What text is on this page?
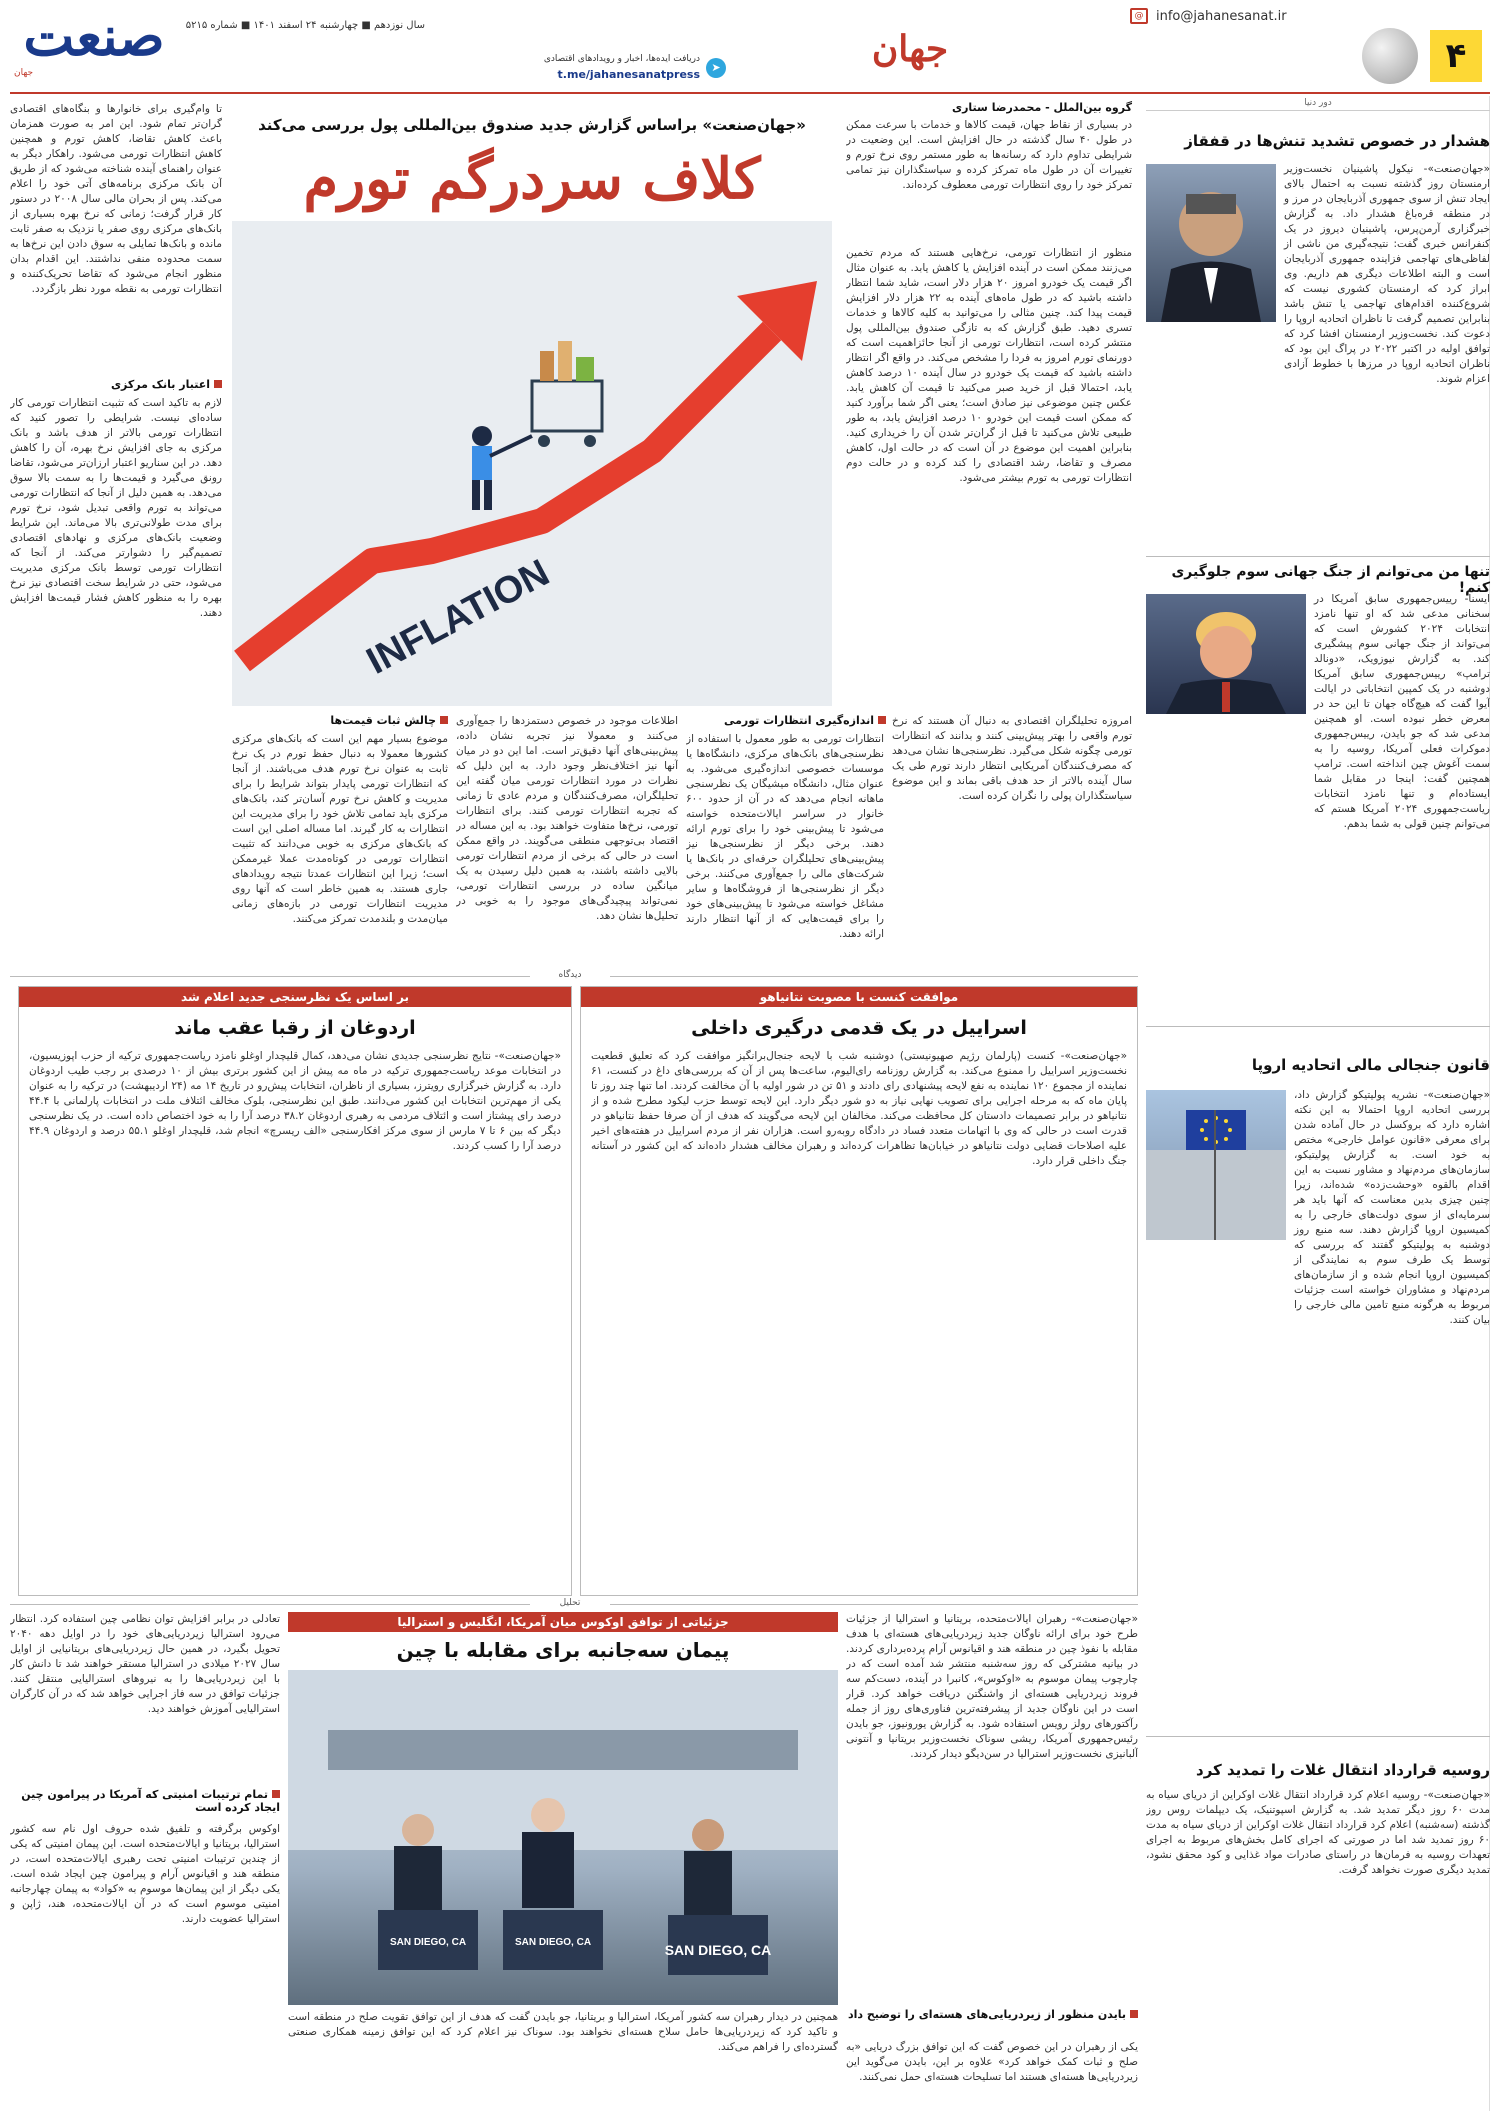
صنعت
جهان
سال نوزدهم ■ چهارشنبه ۲۴ اسفند ۱۴۰۱ ■ شماره ۵۲۱۵
دریافت ایده‌ها، اخبار و رویدادهای اقتصادی
t.me/jahanesanatpress
➤	جهان
@ info@jahanesanat.ir
۴
«جهان‌صنعت» براساس گزارش جدید صندوق بین‌المللی پول بررسی می‌کند
کلاف سردرگم تورم
INFLATION
گروه بین‌الملل - محمدرضا ستاری
در بسیاری از نقاط جهان، قیمت کالاها و خدمات با سرعت ممکن در طول ۴۰ سال گذشته در حال افزایش است. این وضعیت در شرایطی تداوم دارد که رسانه‌ها به طور مستمر روی نرخ تورم و تغییرات آن در طول ماه تمرکز کرده و سیاستگذاران نیز تمامی تمرکز خود را روی انتظارات تورمی معطوف کرده‌اند.
منظور از انتظارات تورمی، نرخ‌هایی هستند که مردم تخمین می‌زنند ممکن است در آینده افزایش یا کاهش یابد. به عنوان مثال اگر قیمت یک خودرو امروز ۲۰ هزار دلار است، شاید شما انتظار داشته باشید که در طول ماه‌های آینده به ۲۲ هزار دلار افزایش قیمت پیدا کند. چنین مثالی را می‌توانید به کلیه کالاها و خدمات تسری دهید. طبق گزارش که به تازگی صندوق بین‌المللی پول منتشر کرده است، انتظارات تورمی از آنجا حائزاهمیت است که دورنمای تورم امروز به فردا را مشخص می‌کند. در واقع اگر انتظار داشته باشید که قیمت یک خودرو در سال آینده ۱۰ درصد کاهش یابد، احتمالا قبل از خرید صبر می‌کنید تا قیمت آن کاهش یابد. عکس چنین موضوعی نیز صادق است؛ یعنی اگر شما برآورد کنید که ممکن است قیمت این خودرو ۱۰ درصد افزایش یابد، به طور طبیعی تلاش می‌کنید تا قبل از گران‌تر شدن آن را خریداری کنید. بنابراین اهمیت این موضوع در آن است که در حالت اول، کاهش مصرف و تقاضا، رشد اقتصادی را کند کرده و در حالت دوم انتظارات تورمی به تورم بیشتر می‌شود.
تا وام‌گیری برای خانوارها و بنگاه‌های اقتصادی گران‌تر تمام شود. این امر به صورت همزمان باعث کاهش تقاضا، کاهش تورم و همچنین کاهش انتظارات تورمی می‌شود. راهکار دیگر به عنوان راهنمای آینده شناخته می‌شود که از طریق آن بانک مرکزی برنامه‌های آتی خود را اعلام می‌کند. پس از بحران مالی سال ۲۰۰۸ در دستور کار قرار گرفت؛ زمانی که نرخ بهره بسیاری از بانک‌های مرکزی روی صفر یا نزدیک به صفر ثابت مانده و بانک‌ها تمایلی به سوق دادن این نرخ‌ها به سمت محدوده منفی نداشتند. این اقدام بدان منظور انجام می‌شود که تقاضا تحریک‌کننده و انتظارات تورمی به نقطه مورد نظر بازگردد.
اعتبار بانک مرکزی
لازم به تاکید است که تثبیت انتظارات تورمی کار ساده‌ای نیست. شرایطی را تصور کنید که انتظارات تورمی بالاتر از هدف باشد و بانک مرکزی به جای افزایش نرخ بهره، آن را کاهش دهد. در این سناریو اعتبار ارزان‌تر می‌شود، تقاضا رونق می‌گیرد و قیمت‌ها را به سمت بالا سوق می‌دهد. به همین دلیل از آنجا که انتظارات تورمی می‌تواند به تورم واقعی تبدیل شود، نرخ تورم برای مدت طولانی‌تری بالا می‌ماند. این شرایط وضعیت بانک‌های مرکزی و نهادهای اقتصادی تصمیم‌گیر را دشوارتر می‌کند. از آنجا که انتظارات تورمی توسط بانک مرکزی مدیریت می‌شود، حتی در شرایط سخت اقتصادی نیز نرخ بهره را به منظور کاهش فشار قیمت‌ها افزایش دهند.
اندازه‌گیری انتظارات تورمی
انتظارات تورمی به طور معمول با استفاده از نظرسنجی‌های بانک‌های مرکزی، دانشگاه‌ها یا موسسات خصوصی اندازه‌گیری می‌شود. به عنوان مثال، دانشگاه میشیگان یک نظرسنجی ماهانه انجام می‌دهد که در آن از حدود ۶۰۰ خانوار در سراسر ایالات‌متحده خواسته می‌شود تا پیش‌بینی خود را برای تورم ارائه دهند. برخی دیگر از نظرسنجی‌ها نیز پیش‌بینی‌های تحلیلگران حرفه‌ای در بانک‌ها یا شرکت‌های مالی را جمع‌آوری می‌کنند. برخی دیگر از نظرسنجی‌ها از فروشگاه‌ها و سایر مشاغل خواسته می‌شود تا پیش‌بینی‌های خود را برای قیمت‌هایی که از آنها انتظار دارند ارائه دهند.
امروزه تحلیلگران اقتصادی به دنبال آن هستند که نرخ تورم واقعی را بهتر پیش‌بینی کنند و بدانند که انتظارات تورمی چگونه شکل می‌گیرد. نظرسنجی‌ها نشان می‌دهد که مصرف‌کنندگان آمریکایی انتظار دارند تورم طی یک سال آینده بالاتر از حد هدف باقی بماند و این موضوع سیاستگذاران پولی را نگران کرده است.
اطلاعات موجود در خصوص دستمزدها را جمع‌آوری می‌کنند و معمولا نیز تجربه نشان داده، پیش‌بینی‌های آنها دقیق‌تر است. اما این دو در میان آنها نیز اختلاف‌نظر وجود دارد. به این دلیل که نظرات در مورد انتظارات تورمی میان گفته این تحلیلگران، مصرف‌کنندگان و مردم عادی تا زمانی که تجربه انتظارات تورمی کنند. برای انتظارات تورمی، نرخ‌ها متفاوت خواهند بود. به این مساله در اقتصاد بی‌توجهی منطقی می‌گویند. در واقع ممکن است در حالی که برخی از مردم انتظارات تورمی بالایی داشته باشند، به همین دلیل رسیدن به یک میانگین ساده در بررسی انتظارات تورمی، نمی‌تواند پیچیدگی‌های موجود را به خوبی در تحلیل‌ها نشان دهد.
چالش ثبات قیمت‌ها
موضوع بسیار مهم این است که بانک‌های مرکزی کشورها معمولا به دنبال حفظ تورم در یک نرخ ثابت به عنوان نرخ تورم هدف می‌باشند. از آنجا که انتظارات تورمی پایدار بتواند شرایط را برای مدیریت و کاهش نرخ تورم آسان‌تر کند، بانک‌های مرکزی باید تمامی تلاش خود را برای مدیریت این انتظارات به کار گیرند. اما مساله اصلی این است که بانک‌های مرکزی به خوبی می‌دانند که تثبیت انتظارات تورمی در کوتاه‌مدت عملا غیرممکن است؛ زیرا این انتظارات عمدتا نتیجه رویدادهای جاری هستند. به همین خاطر است که آنها روی مدیریت انتظارات تورمی در بازه‌های زمانی میان‌مدت و بلندمدت تمرکز می‌کنند.
دور دنیا
هشدار در خصوص تشدید تنش‌ها در قفقاز
«جهان‌صنعت»- نیکول پاشینیان نخست‌وزیر ارمنستان روز گذشته نسبت به احتمال بالای ایجاد تنش از سوی جمهوری آذربایجان در مرز و در منطقه قره‌باغ هشدار داد. به گزارش خبرگزاری آرمن‌پرس، پاشینیان دیروز در یک کنفرانس خبری گفت: نتیجه‌گیری من ناشی از لفاظی‌های تهاجمی فزاینده جمهوری آذربایجان است و البته اطلاعات دیگری هم داریم. وی ابراز کرد که ارمنستان کشوری نیست که شروع‌کننده اقدام‌های تهاجمی یا تنش باشد بنابراین تصمیم گرفت تا ناظران اتحادیه اروپا را دعوت کند. نخست‌وزیر ارمنستان افشا کرد که توافق اولیه در اکتبر ۲۰۲۲ در پراگ این بود که ناظران اتحادیه اروپا در مرزها با خطوط آزادی اعزام شوند.
تنها من می‌توانم از جنگ جهانی سوم جلوگیری کنم!
ایسنا- رییس‌جمهوری سابق آمریکا در سخنانی مدعی شد که او تنها نامزد انتخابات ۲۰۲۴ کشورش است که می‌تواند از جنگ جهانی سوم پیشگیری کند. به گزارش نیوزویک، «دونالد ترامپ» رییس‌جمهوری سابق آمریکا دوشنبه در یک کمپین انتخاباتی در ایالت آیوا گفت که هیچ‌گاه جهان تا این حد در معرض خطر نبوده است. او همچنین مدعی شد که جو بایدن، رییس‌جمهوری دموکرات فعلی آمریکا، روسیه را به سمت آغوش چین انداخته است. ترامپ همچنین گفت: اینجا در مقابل شما ایستاده‌ام و تنها نامزد انتخابات ریاست‌جمهوری ۲۰۲۴ آمریکا هستم که می‌توانم چنین قولی به شما بدهم.
قانون جنجالی مالی اتحادیه اروپا
«جهان‌صنعت»- نشریه پولیتیکو گزارش داد، بررسی اتحادیه اروپا احتمالا به این نکته اشاره دارد که بروکسل در حال آماده شدن برای معرفی «قانون عوامل خارجی» مختص به خود است. به گزارش پولیتیکو، سازمان‌های مردم‌نهاد و مشاور نسبت به این اقدام بالقوه «وحشت‌زده» شده‌اند، زیرا چنین چیزی بدین معناست که آنها باید هر سرمایه‌ای از سوی دولت‌های خارجی را به کمیسیون اروپا گزارش دهند. سه منبع روز دوشنبه به پولیتیکو گفتند که بررسی که توسط یک طرف سوم به نمایندگی از کمیسیون اروپا انجام شده و از سازمان‌های مردم‌نهاد و مشاوران خواسته است جزئیات مربوط به هرگونه منبع تامین مالی خارجی را بیان کنند.
روسیه قرارداد انتقال غلات را تمدید کرد
«جهان‌صنعت»- روسیه اعلام کرد قرارداد انتقال غلات اوکراین از دریای سیاه به مدت ۶۰ روز دیگر تمدید شد. به گزارش اسپوتنیک، یک دیپلمات روس روز گذشته (سه‌شنبه) اعلام کرد قرارداد انتقال غلات اوکراین از دریای سیاه به مدت ۶۰ روز تمدید شد اما در صورتی که اجرای کامل بخش‌های مربوط به اجرای تعهدات روسیه به فرمان‌ها در راستای صادرات مواد غذایی و کود محقق نشود، تمدید دیگری صورت نخواهد گرفت.
دیدگاه
موافقت کنست با مصوبت نتانیاهو
اسراییل در یک قدمی درگیری داخلی
«جهان‌صنعت»- کنست (پارلمان رژیم صهیونیستی) دوشنبه شب با لایحه جنجال‌برانگیز موافقت کرد که تعلیق قطعیت نخست‌وزیر اسراییل را ممنوع می‌کند. به گزارش روزنامه رای‌الیوم، ساعت‌ها پس از آن که بررسی‌های داغ در کنست، ۶۱ نماینده از مجموع ۱۲۰ نماینده به نفع لایحه پیشنهادی رای دادند و ۵۱ تن در شور اولیه با آن مخالفت کردند. اما تنها چند روز تا پایان ماه که به مرحله اجرایی برای تصویب نهایی نیاز به دو شور دیگر دارد. این لایحه توسط حزب لیکود مطرح شده و از نتانیاهو در برابر تصمیمات دادستان کل محافظت می‌کند. مخالفان این لایحه می‌گویند که هدف از آن صرفا حفظ نتانیاهو در قدرت است در حالی که وی با اتهامات متعدد فساد در دادگاه روبه‌رو است. هزاران نفر از مردم اسراییل در هفته‌های اخیر علیه اصلاحات قضایی دولت نتانیاهو در خیابان‌ها تظاهرات کرده‌اند و رهبران مخالف هشدار داده‌اند که این کشور در آستانه جنگ داخلی قرار دارد.
بر اساس یک نظرسنجی جدید اعلام شد
اردوغان از رقبا عقب ماند
«جهان‌صنعت»- نتایج نظرسنجی جدیدی نشان می‌دهد، کمال قلیچدار اوغلو نامزد ریاست‌جمهوری ترکیه از حزب اپوزیسیون، در انتخابات موعد ریاست‌جمهوری ترکیه در ماه مه پیش از این کشور برتری بیش از ۱۰ درصدی بر رجب طیب اردوغان دارد. به گزارش خبرگزاری رویترز، بسیاری از ناظران، انتخابات پیش‌رو در تاریخ ۱۴ مه (۲۴ اردیبهشت) در ترکیه را به عنوان یکی از مهم‌ترین انتخابات این کشور می‌دانند. طبق این نظرسنجی، بلوک مخالف ائتلاف ملت در انتخابات پارلمانی با ۴۴.۴ درصد رای پیشتاز است و ائتلاف مردمی به رهبری اردوغان ۳۸.۲ درصد آرا را به خود اختصاص داده است. در یک نظرسنجی دیگر که بین ۶ تا ۷ مارس از سوی مرکز افکارسنجی «الف ریسرچ» انجام شد، قلیچدار اوغلو ۵۵.۱ درصد و اردوغان ۴۴.۹ درصد آرا را کسب کردند.
تحلیل
جزئیاتی از توافق اوکوس میان آمریکا، انگلیس و استرالیا
پیمان سه‌جانبه برای مقابله با چین
SAN DIEGO, CA	SAN DIEGO, CA	SAN DIEGO, CA
همچنین در دیدار رهبران سه کشور آمریکا، استرالیا و بریتانیا، جو بایدن گفت که هدف از این توافق تقویت صلح در منطقه است و تاکید کرد که زیردریایی‌ها حامل سلاح هسته‌ای نخواهند بود. سوناک نیز اعلام کرد که این توافق زمینه همکاری صنعتی گسترده‌ای را فراهم می‌کند.
«جهان‌صنعت»- رهبران ایالات‌متحده، بریتانیا و استرالیا از جزئیات طرح خود برای ارائه ناوگان جدید زیردریایی‌های هسته‌ای با هدف مقابله با نفوذ چین در منطقه هند و اقیانوس آرام پرده‌برداری کردند. در بیانیه مشترکی که روز سه‌شنبه منتشر شد آمده است که در چارچوب پیمان موسوم به «اوکوس»، کانبرا در آینده، دست‌کم سه فروند زیردریایی هسته‌ای از واشنگتن دریافت خواهد کرد. قرار است در این ناوگان جدید از پیشرفته‌ترین فناوری‌های روز از جمله رآکتورهای رولز رویس استفاده شود. به گزارش یورونیوز، جو بایدن رئیس‌جمهوری آمریکا، ریشی سوناک نخست‌وزیر بریتانیا و آنتونی آلبانیزی نخست‌وزیر استرالیا در سن‌دیگو دیدار کردند.
بایدن منظور از زیردریایی‌های هسته‌ای را توضیح داد
یکی از رهبران در این خصوص گفت که این توافق بزرگ دریایی «به صلح و ثبات کمک خواهد کرد» علاوه بر این، بایدن می‌گوید این زیردریایی‌ها هسته‌ای هستند اما تسلیحات هسته‌ای حمل نمی‌کنند.
تعادلی در برابر افزایش توان نظامی چین استفاده کرد. انتظار می‌رود استرالیا زیردریایی‌های خود را در اوایل دهه ۲۰۴۰ تحویل بگیرد، در همین حال زیردریایی‌های بریتانیایی از اوایل سال ۲۰۲۷ میلادی در استرالیا مستقر خواهند شد تا دانش کار با این زیردریایی‌ها را به نیروهای استرالیایی منتقل کنند. جزئیات توافق در سه فاز اجرایی خواهد شد که در آن کارگران استرالیایی آموزش خواهند دید.
تمام ترتیبات امنیتی که آمریکا در پیرامون چین ایجاد کرده است
اوکوس برگرفته و تلفیق شده حروف اول نام سه کشور استرالیا، بریتانیا و ایالات‌متحده است. این پیمان امنیتی که یکی از چندین ترتیبات امنیتی تحت رهبری ایالات‌متحده است، در منطقه هند و اقیانوس آرام و پیرامون چین ایجاد شده است. یکی دیگر از این پیمان‌ها موسوم به «کواد» به پیمان چهارجانبه امنیتی موسوم است که در آن ایالات‌متحده، هند، ژاپن و استرالیا عضویت دارند.
